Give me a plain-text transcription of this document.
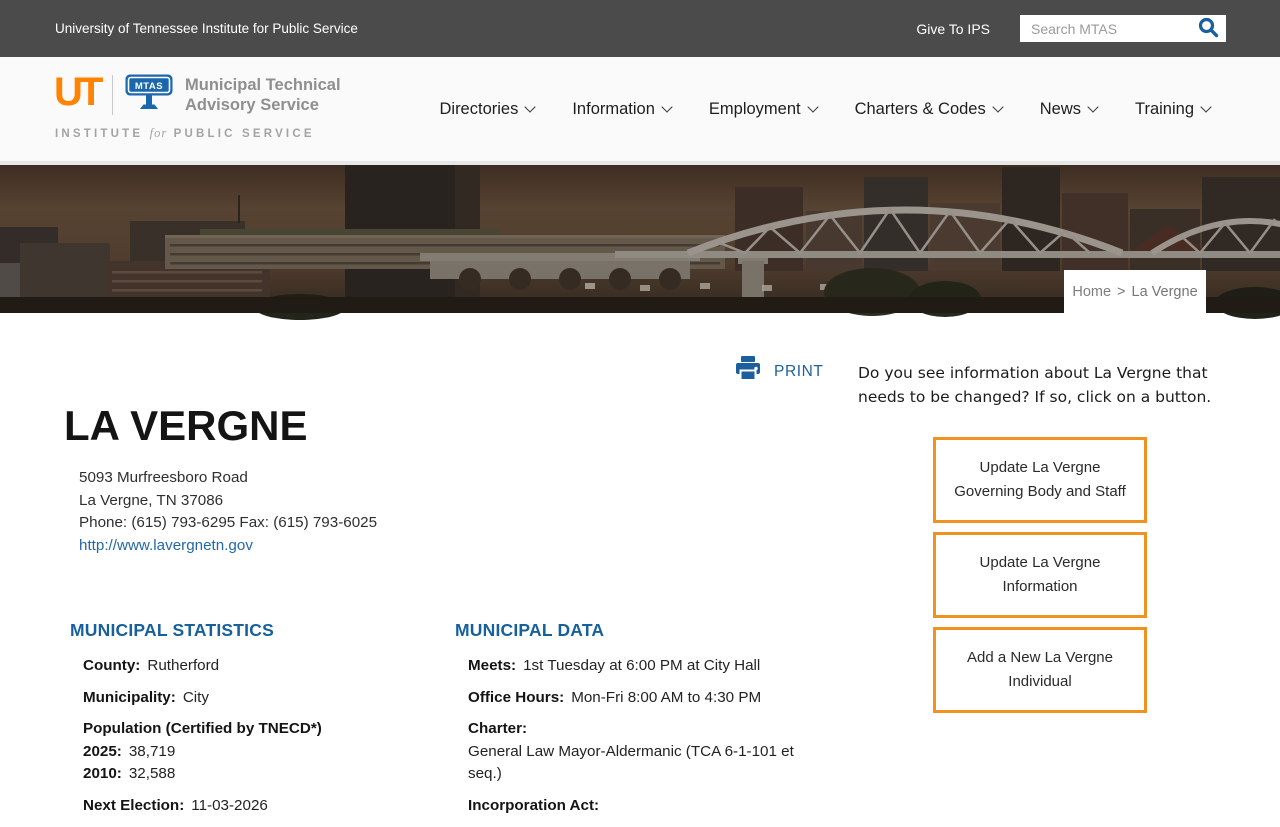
University of Tennessee Institute for Public Service	Give To IPS
Search MTAS
UT	MTAS Municipal Technical
Advisory Service
INSTITUTE for PUBLIC SERVICE
Directories	Information	Employment	Charters & Codes	News	Training
Home > La Vergne
PRINT
LA VERGNE
5093 Murfreesboro Road
La Vergne, TN 37086
Phone: (615) 793-6295 Fax: (615) 793-6025
http://www.lavergnetn.gov

Do you see information about La Vergne that needs to be changed? If so, click on a button.

Update La Vergne Governing Body and Staff
Update La Vergne Information
Add a New La Vergne Individual
MUNICIPAL STATISTICS
County: Rutherford
Municipality: City
Population (Certified by TNECD*)
2025: 38,719
2010: 32,588
Next Election: 11-03-2026
MUNICIPAL DATA
Meets: 1st Tuesday at 6:00 PM at City Hall
Office Hours: Mon-Fri 8:00 AM to 4:30 PM
Charter:
General Law Mayor-Aldermanic (TCA 6-1-101 et seq.)
Incorporation Act:
